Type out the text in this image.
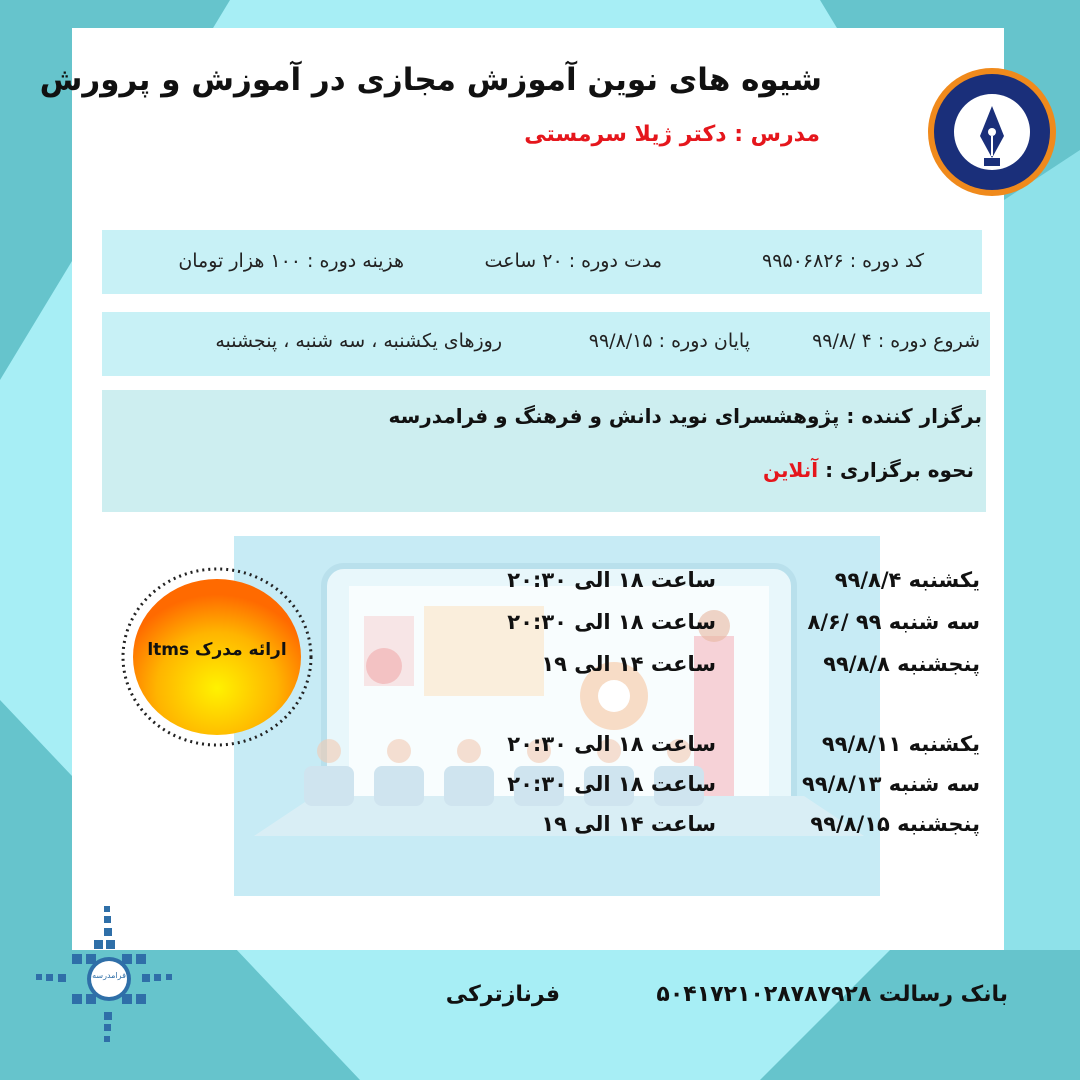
شیوه های نوین آموزش مجازی در آموزش و پرورش
مدرس : دکتر ژیلا سرمستی
کد دوره : ۹۹۵۰۶۸۲۶
مدت دوره : ۲۰ ساعت
هزینه دوره : ۱۰۰ هزار تومان
شروع دوره : ۴ /۹۹/۸
پایان دوره : ۹۹/۸/۱۵
روزهای یکشنبه ، سه شنبه ، پنجشنبه
برگزار کننده : پژوهشسرای نوید دانش و فرهنگ و فرامدرسه
نحوه برگزاری : آنلاین
ارائه مدرک ltms
یکشنبه ۹۹/۸/۴
ساعت ۱۸ الی ۲۰:۳۰
سه شنبه ۹۹ /۸/۶
ساعت ۱۸ الی ۲۰:۳۰
پنجشنبه ۹۹/۸/۸
ساعت ۱۴ الی ۱۹
یکشنبه ۹۹/۸/۱۱
ساعت ۱۸ الی ۲۰:۳۰
سه شنبه ۹۹/۸/۱۳
ساعت ۱۸ الی ۲۰:۳۰
پنجشنبه ۹۹/۸/۱۵
ساعت ۱۴ الی ۱۹
فرامدرسه
بانک رسالت ۵۰۴۱۷۲۱۰۲۸۷۸۷۹۲۸
فرنازترکی
